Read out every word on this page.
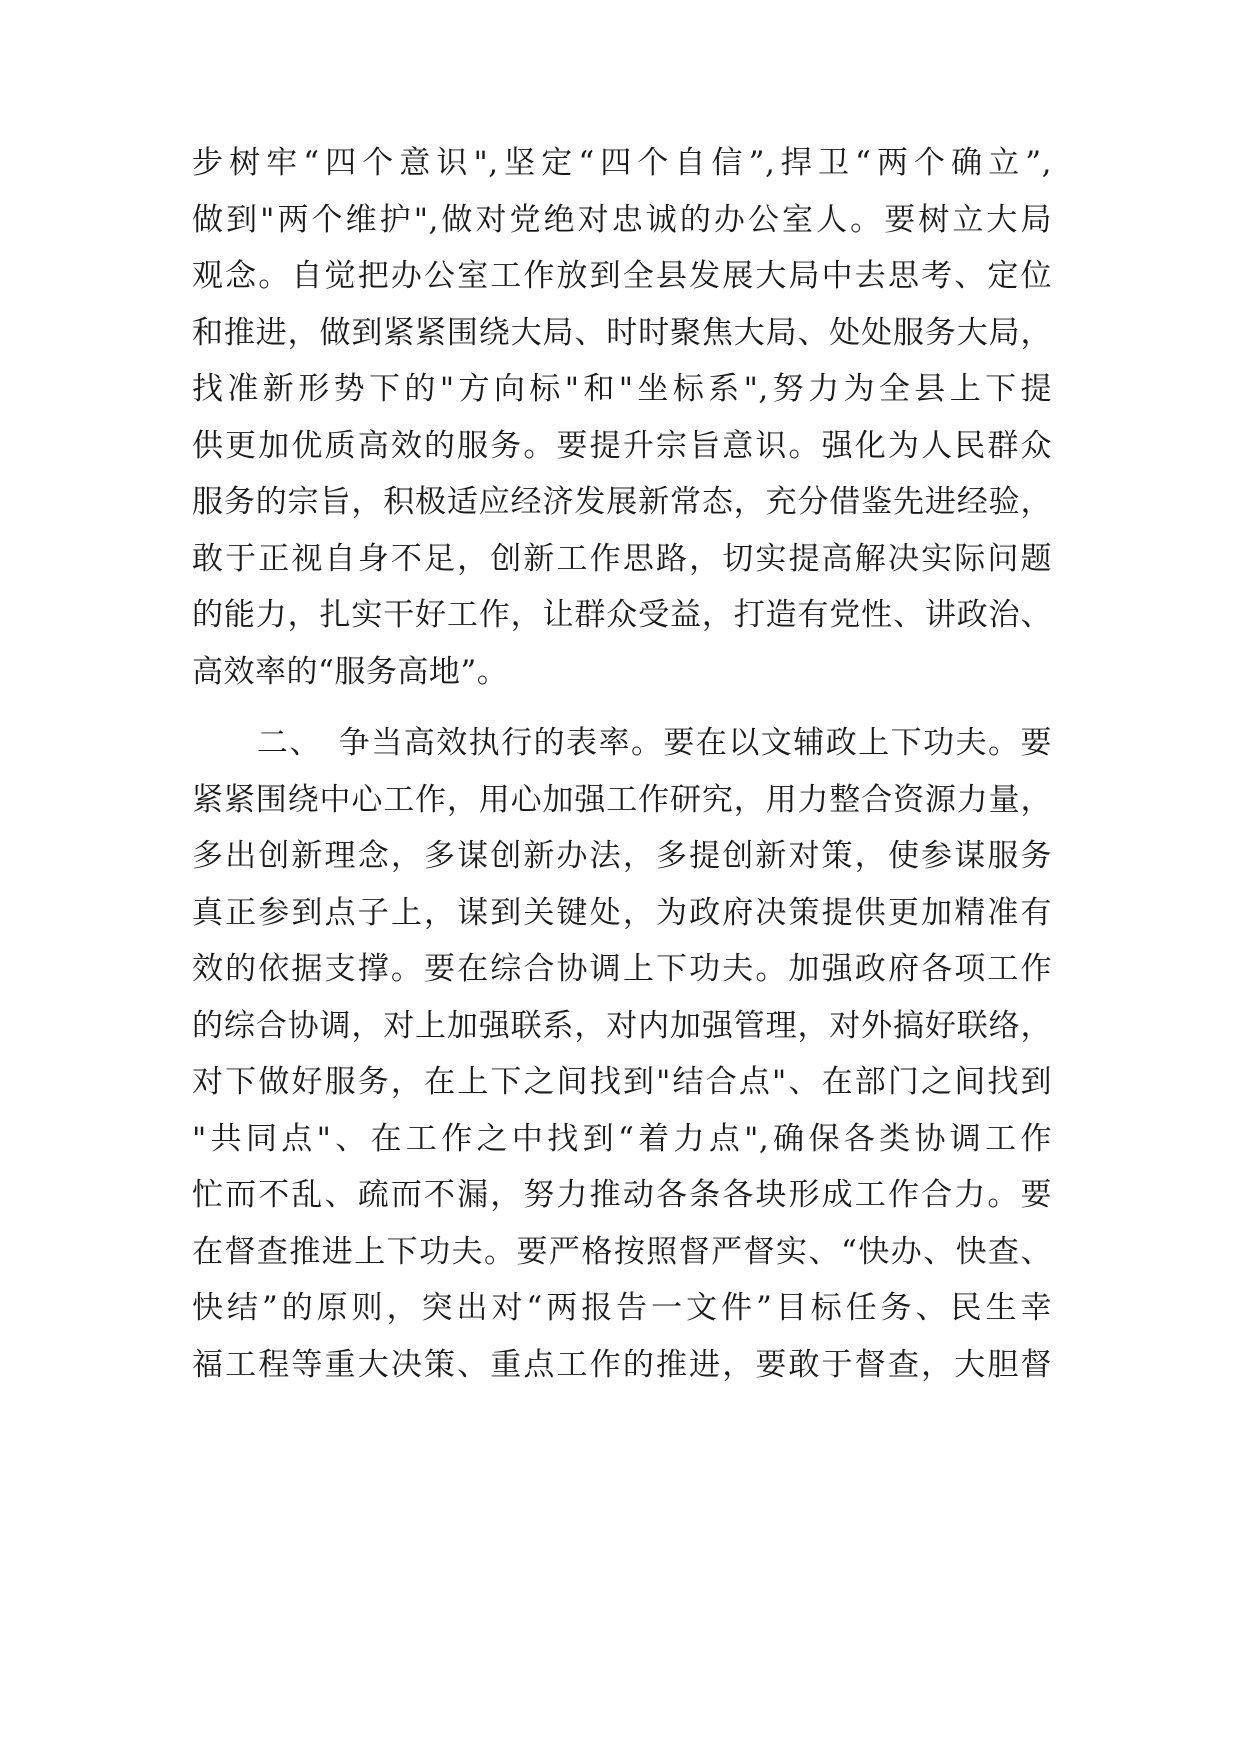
步树牢“四个意识",坚定“四个自信”,捍卫“两个确立”,
做到"两个维护",做对党绝对忠诚的办公室人。要树立大局
观念。自觉把办公室工作放到全县发展大局中去思考、定位
和推进，做到紧紧围绕大局、时时聚焦大局、处处服务大局，
找准新形势下的"方向标"和"坐标系",努力为全县上下提
供更加优质高效的服务。要提升宗旨意识。强化为人民群众
服务的宗旨，积极适应经济发展新常态，充分借鉴先进经验，
敢于正视自身不足，创新工作思路，切实提高解决实际问题
的能力，扎实干好工作，让群众受益，打造有党性、讲政治、
高效率的“服务高地”。
　　二、　争当高效执行的表率。要在以文辅政上下功夫。要
紧紧围绕中心工作，用心加强工作研究，用力整合资源力量，
多出创新理念，多谋创新办法，多提创新对策，使参谋服务
真正参到点子上，谋到关键处，为政府决策提供更加精准有
效的依据支撑。要在综合协调上下功夫。加强政府各项工作
的综合协调，对上加强联系，对内加强管理，对外搞好联络，
对下做好服务，在上下之间找到"结合点"、在部门之间找到
"共同点"、在工作之中找到“着力点",确保各类协调工作
忙而不乱、疏而不漏，努力推动各条各块形成工作合力。要
在督查推进上下功夫。要严格按照督严督实、“快办、快查、
快结”的原则，突出对“两报告一文件”目标任务、民生幸
福工程等重大决策、重点工作的推进，要敢于督查，大胆督
